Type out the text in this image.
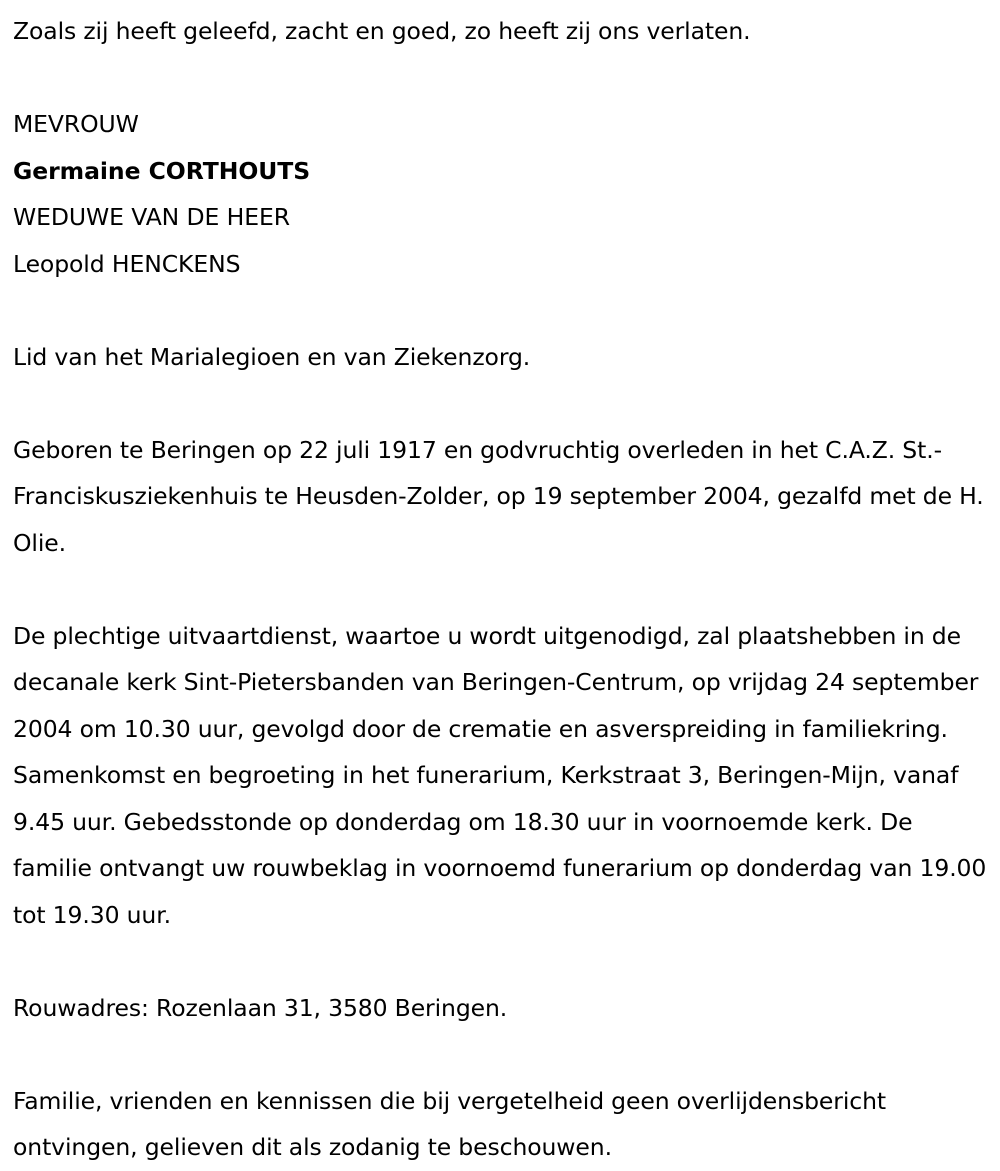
Zoals zij heeft geleefd, zacht en goed, zo heeft zij ons verlaten.

MEVROUW
Germaine CORTHOUTS
WEDUWE VAN DE HEER
Leopold HENCKENS

Lid van het Marialegioen en van Ziekenzorg.

Geboren te Beringen op 22 juli 1917 en godvruchtig overleden in het C.A.Z. St.-Franciskusziekenhuis te Heusden-Zolder, op 19 september 2004, gezalfd met de H. Olie.

De plechtige uitvaartdienst, waartoe u wordt uitgenodigd, zal plaatshebben in de decanale kerk Sint-Pietersbanden van Beringen-Centrum, op vrijdag 24 september 2004 om 10.30 uur, gevolgd door de crematie en asverspreiding in familiekring. Samenkomst en begroeting in het funerarium, Kerkstraat 3, Beringen-Mijn, vanaf 9.45 uur. Gebedsstonde op donderdag om 18.30 uur in voornoemde kerk. De familie ontvangt uw rouwbeklag in voornoemd funerarium op donderdag van 19.00 tot 19.30 uur.

Rouwadres: Rozenlaan 31, 3580 Beringen.

Familie, vrienden en kennissen die bij vergetelheid geen overlijdensbericht ontvingen, gelieven dit als zodanig te beschouwen.
